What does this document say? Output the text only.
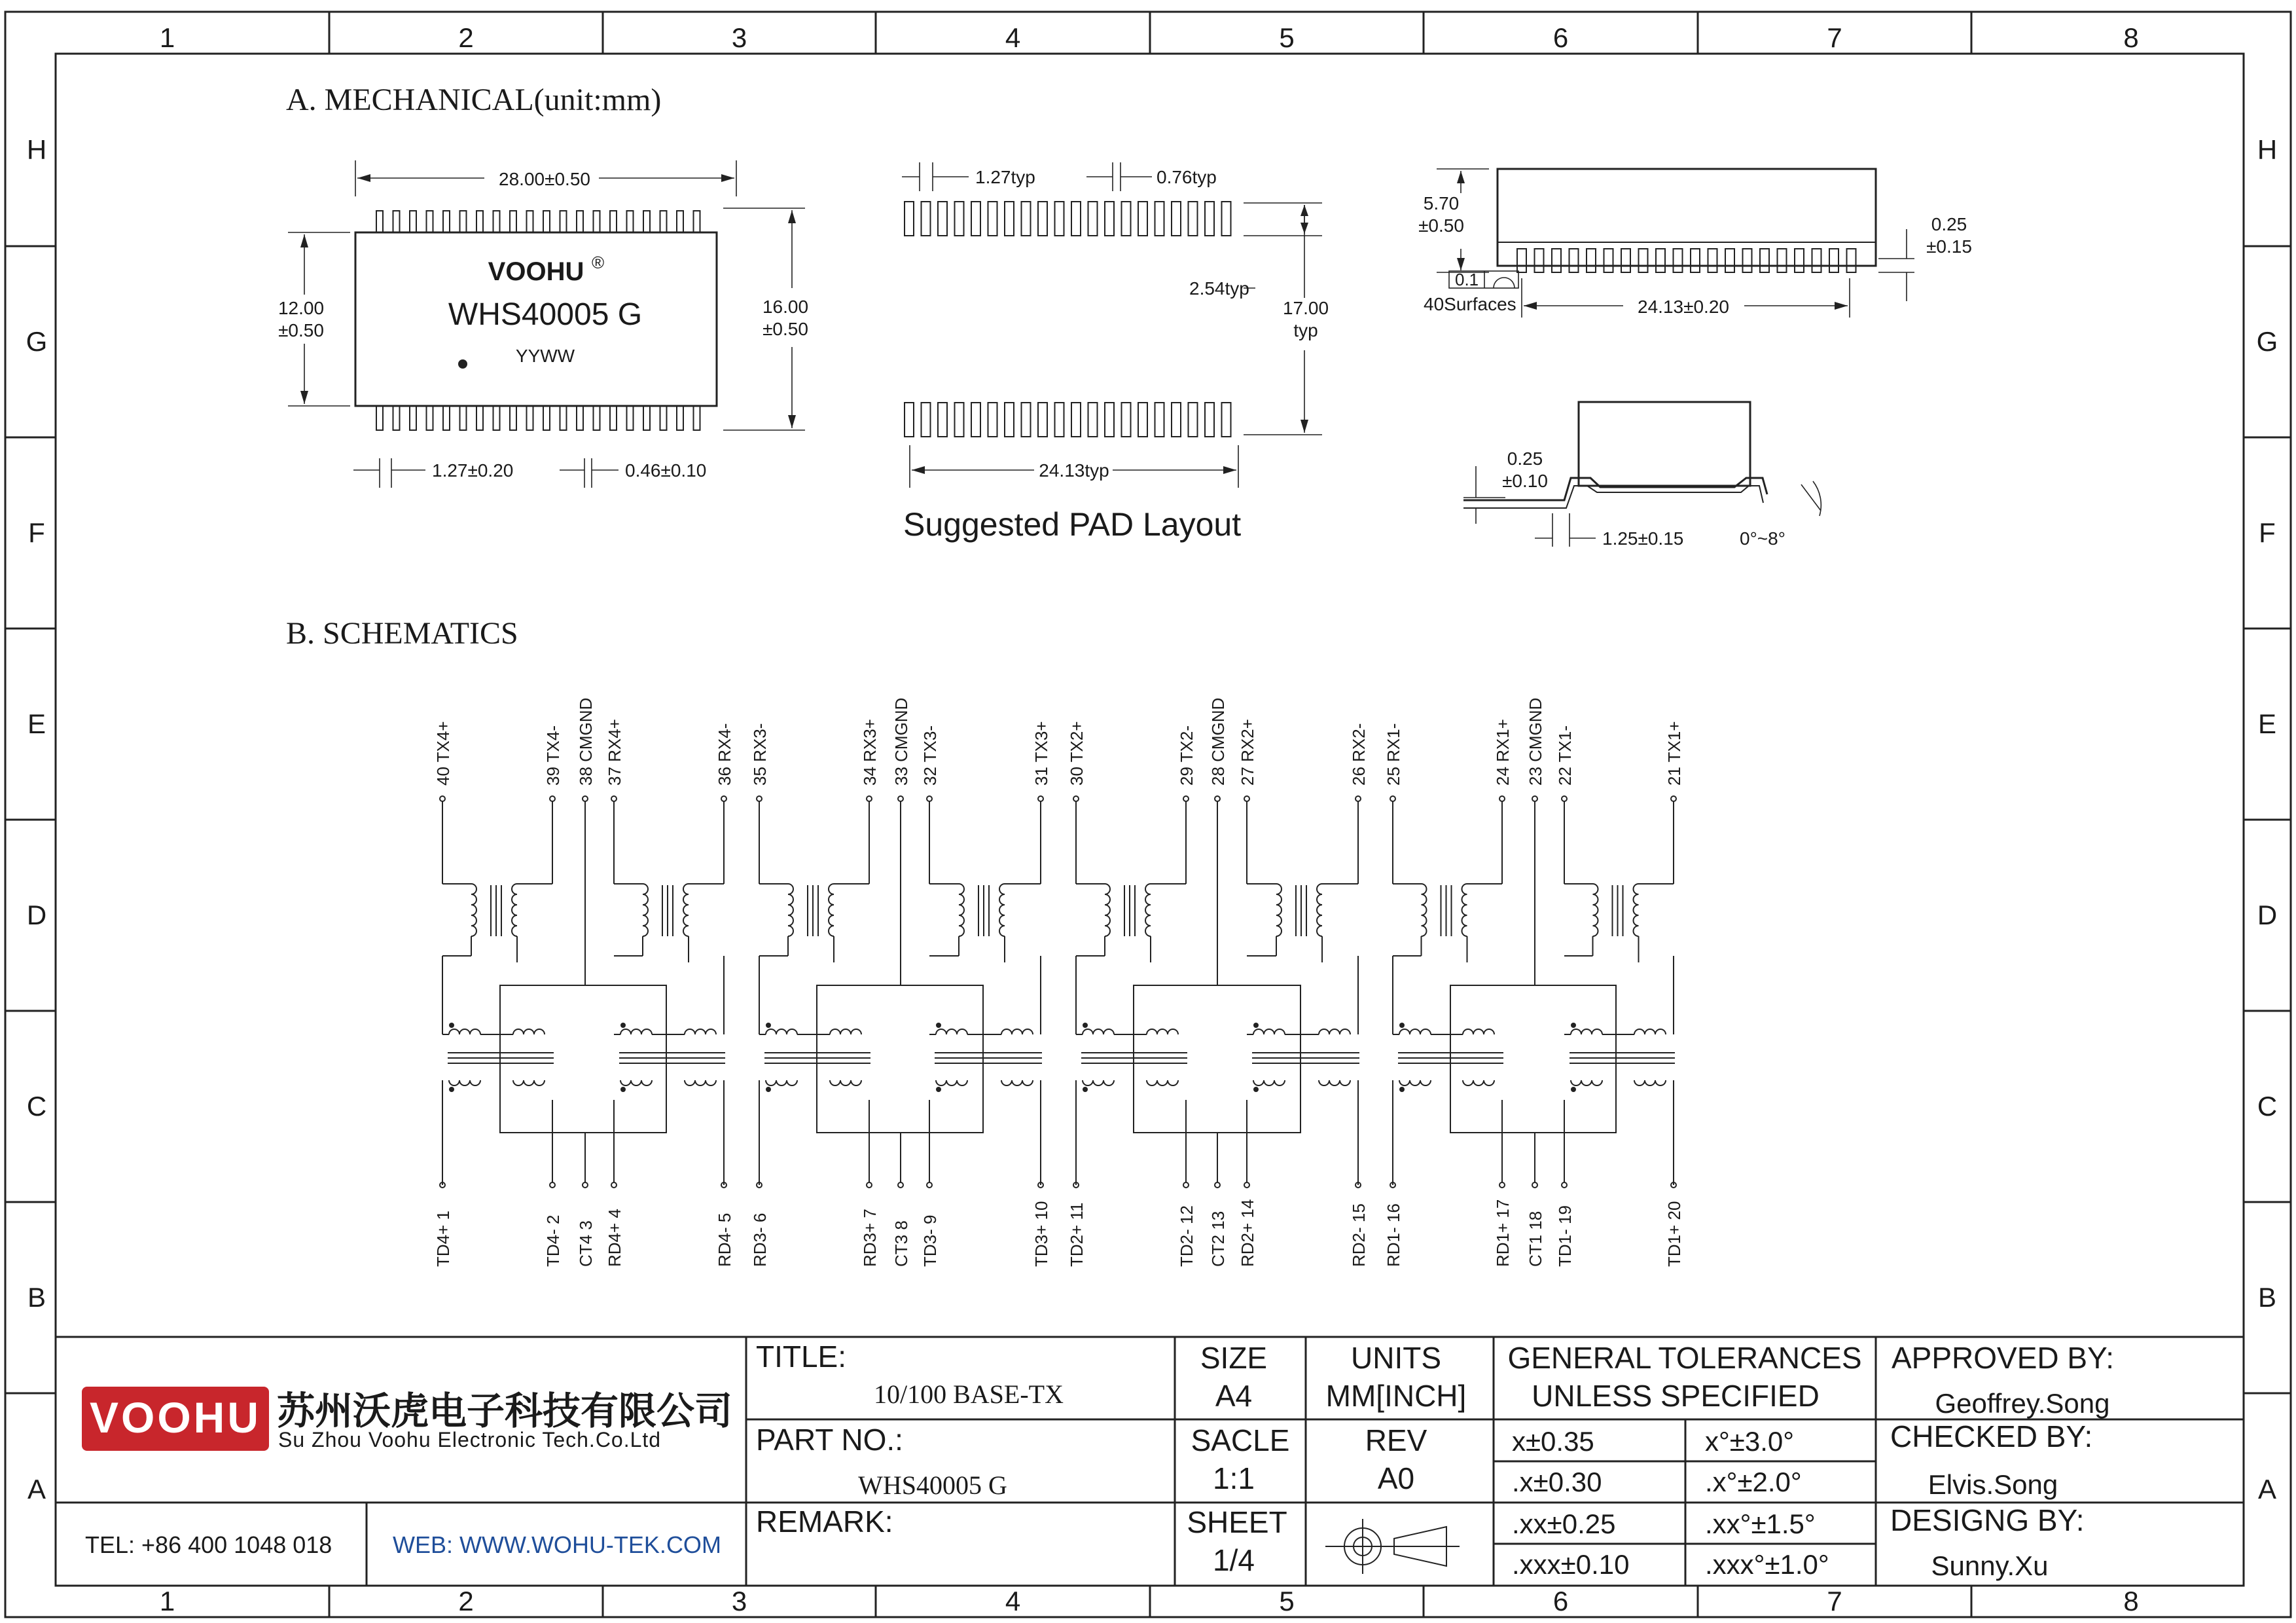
1
1
2
2
3
3
4
4
5
5
6
6
7
7
8
8
H	H
G	G
F	F
E	E
D	D
C	C
B	B
A	A
A. MECHANICAL(unit:mm)
B. SCHEMATICS
VOOHU ®
WHS40005 G
YYWW
28.00±0.50
12.00
±0.50
16.00
±0.50
1.27±0.20	0.46±0.10
1.27typ	0.76typ
2.54typ
17.00
typ
24.13typ
Suggested PAD Layout
5.70
±0.50
0.1
40Surfaces	24.13±0.20
0.25
±0.15
0.25
±0.10
1.25±0.15	0°~8°
40 TX4+	39 TX4- 38 CMGND 37 RX4+	36 RX4- 35 RX3-	34 RX3+ 33 CMGND 32 TX3-	31 TX3+ 30 TX2+	29 TX2- 28 CMGND 27 RX2+	26 RX2- 25 RX1-	24 RX1+ 23 CMGND 22 TX1-	21 TX1+
TD4+ 1	TD4- 2 CT4 3 RD4+ 4	RD4- 5 RD3- 6	RD3+ 7 CT3 8 TD3- 9	TD3+ 10 TD2+ 11	TD2- 12 CT2 13 RD2+ 14	RD2- 15 RD1- 16	RD1+ 17 CT1 18 TD1- 19	TD1+ 20
VOOHU 苏州沃虎电子科技有限公司
Su Zhou Voohu Electronic Tech.Co.Ltd
TEL: +86 400 1048 018	WEB: WWW.WOHU-TEK.COM
TITLE:
10/100 BASE-TX
PART NO.:
WHS40005 G
REMARK:
SIZE
A4
SACLE
1:1
SHEET
1/4
UNITS
MM[INCH]
REV
A0
GENERAL TOLERANCES
UNLESS SPECIFIED
x±0.35	x°±3.0°
.x±0.30	.x°±2.0°
.xx±0.25	.xx°±1.5°
.xxx±0.10	.xxx°±1.0°
APPROVED BY:
Geoffrey.Song
CHECKED BY:
Elvis.Song
DESIGNG BY:
Sunny.Xu
